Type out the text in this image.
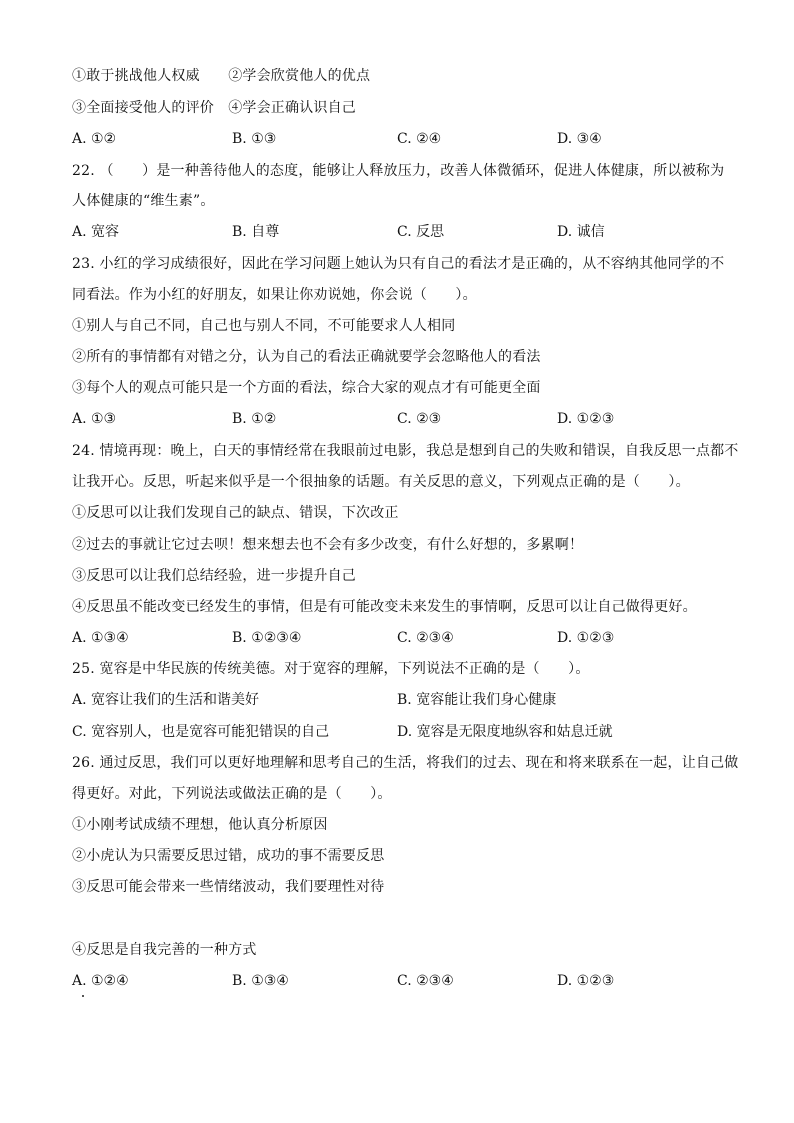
①敢于挑战他人权威　　②学会欣赏他人的优点
③全面接受他人的评价　④学会正确认识自己
A. ①②	B. ①③	C. ②④	D. ③④
22. （　　）是一种善待他人的态度，能够让人释放压力，改善人体微循环，促进人体健康，所以被称为
人体健康的“维生素”。
A. 宽容	B. 自尊	C. 反思	D. 诚信
23. 小红的学习成绩很好，因此在学习问题上她认为只有自己的看法才是正确的，从不容纳其他同学的不
同看法。作为小红的好朋友，如果让你劝说她，你会说（　　）。
①别人与自己不同，自己也与别人不同，不可能要求人人相同
②所有的事情都有对错之分，认为自己的看法正确就要学会忽略他人的看法
③每个人的观点可能只是一个方面的看法，综合大家的观点才有可能更全面
A. ①③	B. ①②	C. ②③	D. ①②③
24. 情境再现：晚上，白天的事情经常在我眼前过电影，我总是想到自己的失败和错误，自我反思一点都不
让我开心。反思，听起来似乎是一个很抽象的话题。有关反思的意义，下列观点正确的是（　　）。
①反思可以让我们发现自己的缺点、错误，下次改正
②过去的事就让它过去呗！想来想去也不会有多少改变，有什么好想的，多累啊！
③反思可以让我们总结经验，进一步提升自己
④反思虽不能改变已经发生的事情，但是有可能改变未来发生的事情啊，反思可以让自己做得更好。
A. ①③④	B. ①②③④	C. ②③④	D. ①②③
25. 宽容是中华民族的传统美德。对于宽容的理解，下列说法不正确的是（　　）。
A. 宽容让我们的生活和谐美好	B. 宽容能让我们身心健康
C. 宽容别人，也是宽容可能犯错误的自己	D. 宽容是无限度地纵容和姑息迁就
26. 通过反思，我们可以更好地理解和思考自己的生活，将我们的过去、现在和将来联系在一起，让自己做
得更好。对此，下列说法或做法正确的是（　　）。
①小刚考试成绩不理想，他认真分析原因
②小虎认为只需要反思过错，成功的事不需要反思
③反思可能会带来一些情绪波动，我们要理性对待
④反思是自我完善的一种方式
A. ①②④	B. ①③④	C. ②③④	D. ①②③
